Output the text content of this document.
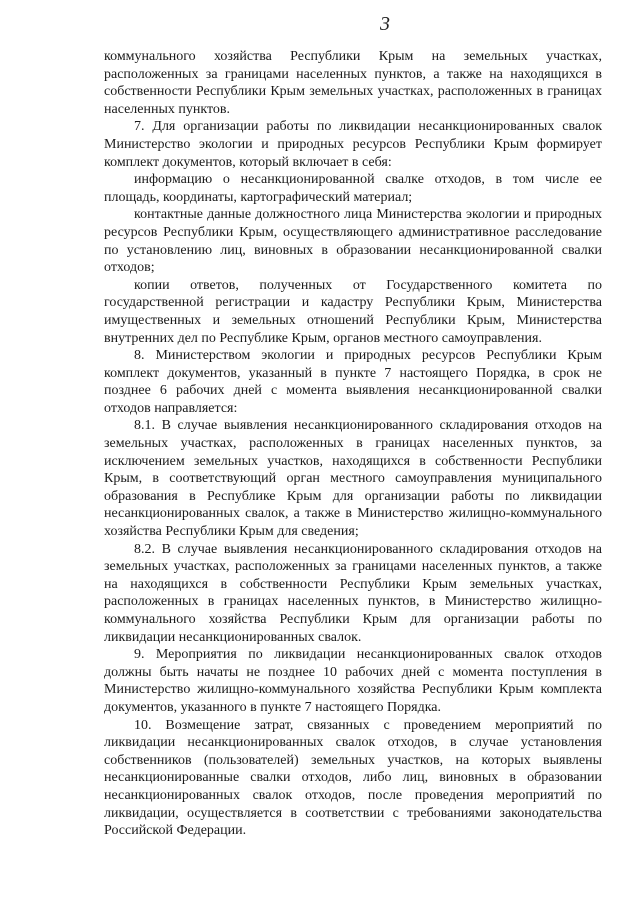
3

коммунального хозяйства Республики Крым на земельных участках, расположенных за границами населенных пунктов, а также на находящихся в собственности Республики Крым земельных участках, расположенных в границах населенных пунктов.

7. Для организации работы по ликвидации несанкционированных свалок Министерство экологии и природных ресурсов Республики Крым формирует комплект документов, который включает в себя:

информацию о несанкционированной свалке отходов, в том числе ее площадь, координаты, картографический материал;

контактные данные должностного лица Министерства экологии и природных ресурсов Республики Крым, осуществляющего административное расследование по установлению лиц, виновных в образовании несанкционированной свалки отходов;

копии ответов, полученных от Государственного комитета по государственной регистрации и кадастру Республики Крым, Министерства имущественных и земельных отношений Республики Крым, Министерства внутренних дел по Республике Крым, органов местного самоуправления.

8. Министерством экологии и природных ресурсов Республики Крым комплект документов, указанный в пункте 7 настоящего Порядка, в срок не позднее 6 рабочих дней с момента выявления несанкционированной свалки отходов направляется:

8.1. В случае выявления несанкционированного складирования отходов на земельных участках, расположенных в границах населенных пунктов, за исключением земельных участков, находящихся в собственности Республики Крым, в соответствующий орган местного самоуправления муниципального образования в Республике Крым для организации работы по ликвидации несанкционированных свалок, а также в Министерство жилищно-коммунального хозяйства Республики Крым для сведения;

8.2. В случае выявления несанкционированного складирования отходов на земельных участках, расположенных за границами населенных пунктов, а также на находящихся в собственности Республики Крым земельных участках, расположенных в границах населенных пунктов, в Министерство жилищно-коммунального хозяйства Республики Крым для организации работы по ликвидации несанкционированных свалок.

9. Мероприятия по ликвидации несанкционированных свалок отходов должны быть начаты не позднее 10 рабочих дней с момента поступления в Министерство жилищно-коммунального хозяйства Республики Крым комплекта документов, указанного в пункте 7 настоящего Порядка.

10. Возмещение затрат, связанных с проведением мероприятий по ликвидации несанкционированных свалок отходов, в случае установления собственников (пользователей) земельных участков, на которых выявлены несанкционированные свалки отходов, либо лиц, виновных в образовании несанкционированных свалок отходов, после проведения мероприятий по ликвидации, осуществляется в соответствии с требованиями законодательства Российской Федерации.
